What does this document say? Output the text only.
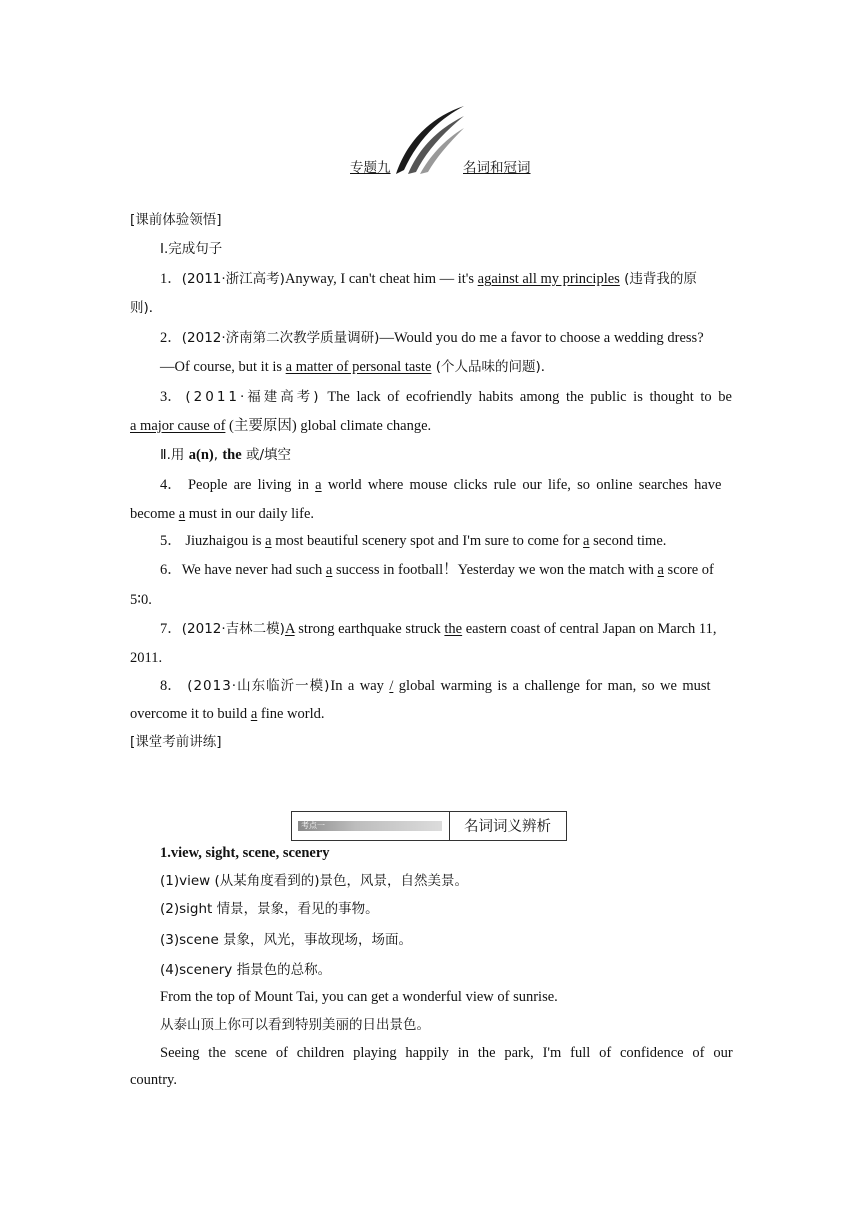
专题九	名词和冠词
[课前体验领悟]
Ⅰ.完成句子
1．(2011·浙江高考)Anyway, I can't cheat him — it's against all my principles (违背我的原
则)．
2．(2012·济南第二次教学质量调研)—Would you do me a favor to choose a wedding dress?
—Of course, but it is a matter of personal taste (个人品味的问题)．
3． (2011·福建高考) The lack of ecofriendly habits among the public is thought to be
a major cause of (主要原因) global climate change.
Ⅱ.用 a(n), the 或/填空
4． People are living in a world where mouse clicks rule our life, so online searches have
become a must in our daily life.
5． Jiuzhaigou is a most beautiful scenery spot and I'm sure to come for a second time.
6．We have never had such a success in football！Yesterday we won the match with a score of
5∶0.
7．(2012·吉林二模)A strong earthquake struck the eastern coast of central Japan on March 11,
2011.
8． (2013·山东临沂一模)In a way / global warming is a challenge for man, so we must
overcome it to build a fine world.
[课堂考前讲练]
考点一	名词词义辨析
1.view, sight, scene, scenery
(1)view (从某角度看到的)景色，风景，自然美景。
(2)sight 情景，景象，看见的事物。
(3)scene 景象，风光，事故现场，场面。
(4)scenery 指景色的总称。
From the top of Mount Tai, you can get a wonderful view of sunrise.
从泰山顶上你可以看到特别美丽的日出景色。
Seeing the scene of children playing happily in the park, I'm full of confidence of our
country.
